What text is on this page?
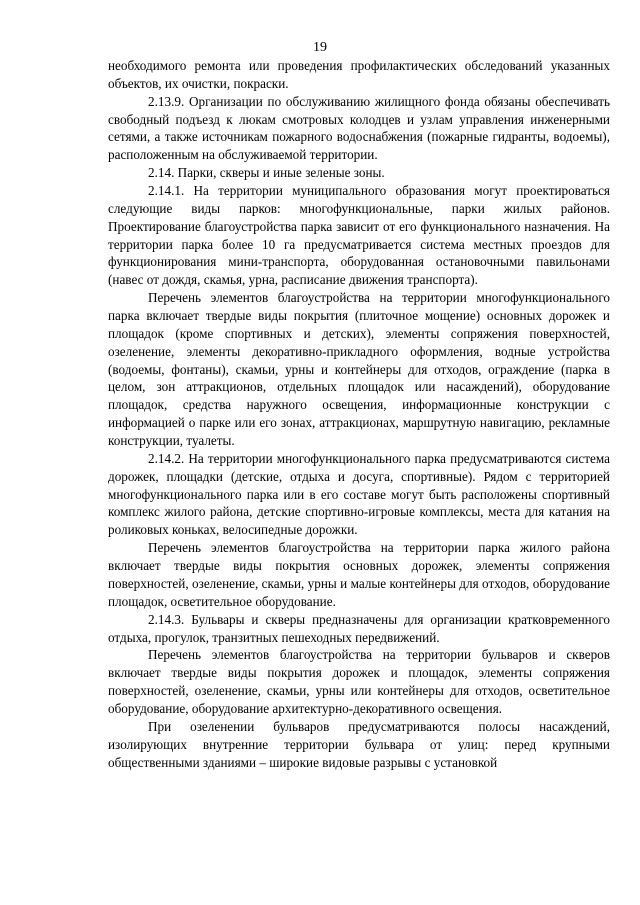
19

необходимого ремонта или проведения профилактических обследований указанных объектов, их очистки, покраски.

2.13.9. Организации по обслуживанию жилищного фонда обязаны обеспечивать свободный подъезд к люкам смотровых колодцев и узлам управления инженерными сетями, а также источникам пожарного водоснабжения (пожарные гидранты, водоемы), расположенным на обслуживаемой территории.

2.14. Парки, скверы и иные зеленые зоны.

2.14.1. На территории муниципального образования могут проектироваться следующие виды парков: многофункциональные, парки жилых районов. Проектирование благоустройства парка зависит от его функционального назначения. На территории парка более 10 га предусматривается система местных проездов для функционирования мини-транспорта, оборудованная остановочными павильонами (навес от дождя, скамья, урна, расписание движения транспорта).

Перечень элементов благоустройства на территории многофункционального парка включает твердые виды покрытия (плиточное мощение) основных дорожек и площадок (кроме спортивных и детских), элементы сопряжения поверхностей, озеленение, элементы декоративно-прикладного оформления, водные устройства (водоемы, фонтаны), скамьи, урны и контейнеры для отходов, ограждение (парка в целом, зон аттракционов, отдельных площадок или насаждений), оборудование площадок, средства наружного освещения, информационные конструкции с информацией о парке или его зонах, аттракционах, маршрутную навигацию, рекламные конструкции, туалеты.

2.14.2. На территории многофункционального парка предусматриваются система дорожек, площадки (детские, отдыха и досуга, спортивные). Рядом с территорией многофункционального парка или в его составе могут быть расположены спортивный комплекс жилого района, детские спортивно-игровые комплексы, места для катания на роликовых коньках, велосипедные дорожки.

Перечень элементов благоустройства на территории парка жилого района включает твердые виды покрытия основных дорожек, элементы сопряжения поверхностей, озеленение, скамьи, урны и малые контейнеры для отходов, оборудование площадок, осветительное оборудование.

2.14.3. Бульвары и скверы предназначены для организации кратковременного отдыха, прогулок, транзитных пешеходных передвижений.

Перечень элементов благоустройства на территории бульваров и скверов включает твердые виды покрытия дорожек и площадок, элементы сопряжения поверхностей, озеленение, скамьи, урны или контейнеры для отходов, осветительное оборудование, оборудование архитектурно-декоративного освещения.

При озеленении бульваров предусматриваются полосы насаждений, изолирующих внутренние территории бульвара от улиц: перед крупными общественными зданиями – широкие видовые разрывы с установкой
